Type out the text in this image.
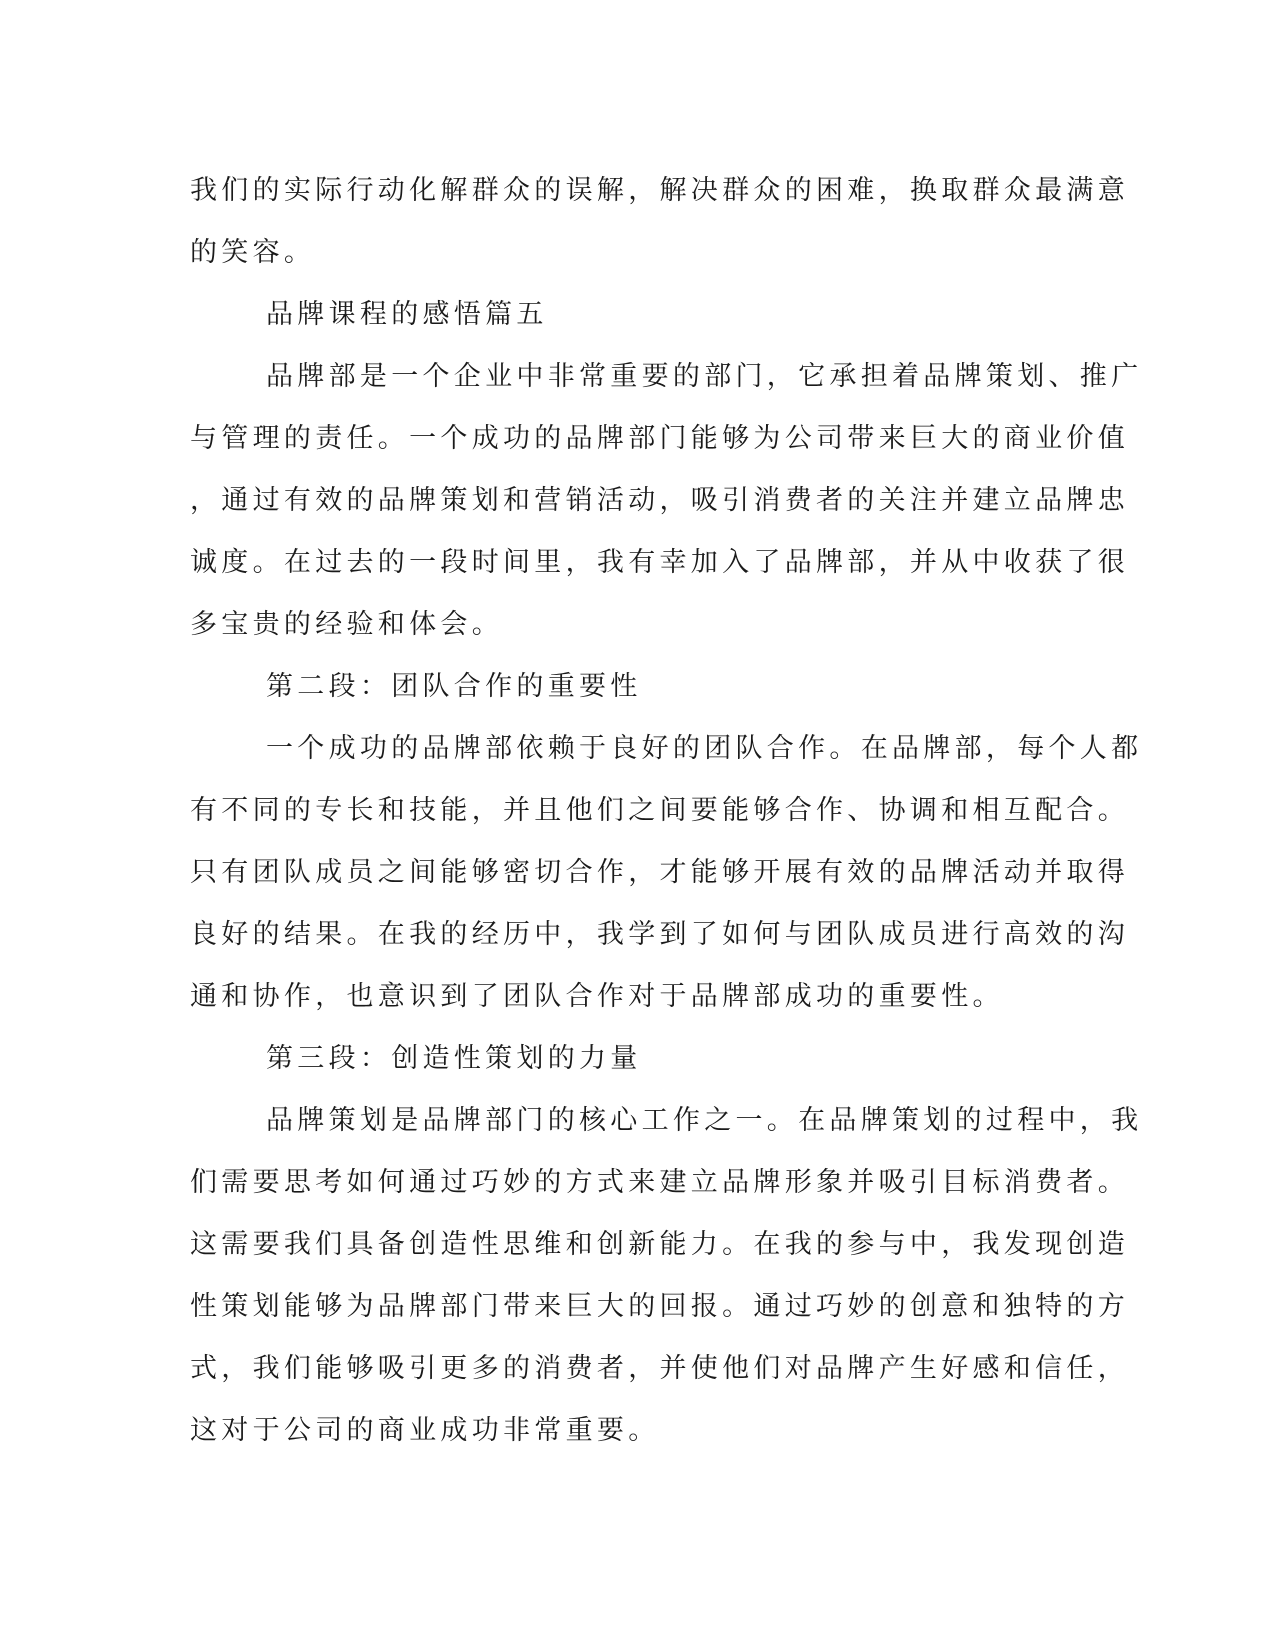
我们的实际行动化解群众的误解，解决群众的困难，换取群众最满意
的笑容。
品牌课程的感悟篇五
品牌部是一个企业中非常重要的部门，它承担着品牌策划、推广
与管理的责任。一个成功的品牌部门能够为公司带来巨大的商业价值
，通过有效的品牌策划和营销活动，吸引消费者的关注并建立品牌忠
诚度。在过去的一段时间里，我有幸加入了品牌部，并从中收获了很
多宝贵的经验和体会。
第二段：团队合作的重要性
一个成功的品牌部依赖于良好的团队合作。在品牌部，每个人都
有不同的专长和技能，并且他们之间要能够合作、协调和相互配合。
只有团队成员之间能够密切合作，才能够开展有效的品牌活动并取得
良好的结果。在我的经历中，我学到了如何与团队成员进行高效的沟
通和协作，也意识到了团队合作对于品牌部成功的重要性。
第三段：创造性策划的力量
品牌策划是品牌部门的核心工作之一。在品牌策划的过程中，我
们需要思考如何通过巧妙的方式来建立品牌形象并吸引目标消费者。
这需要我们具备创造性思维和创新能力。在我的参与中，我发现创造
性策划能够为品牌部门带来巨大的回报。通过巧妙的创意和独特的方
式，我们能够吸引更多的消费者，并使他们对品牌产生好感和信任，
这对于公司的商业成功非常重要。
